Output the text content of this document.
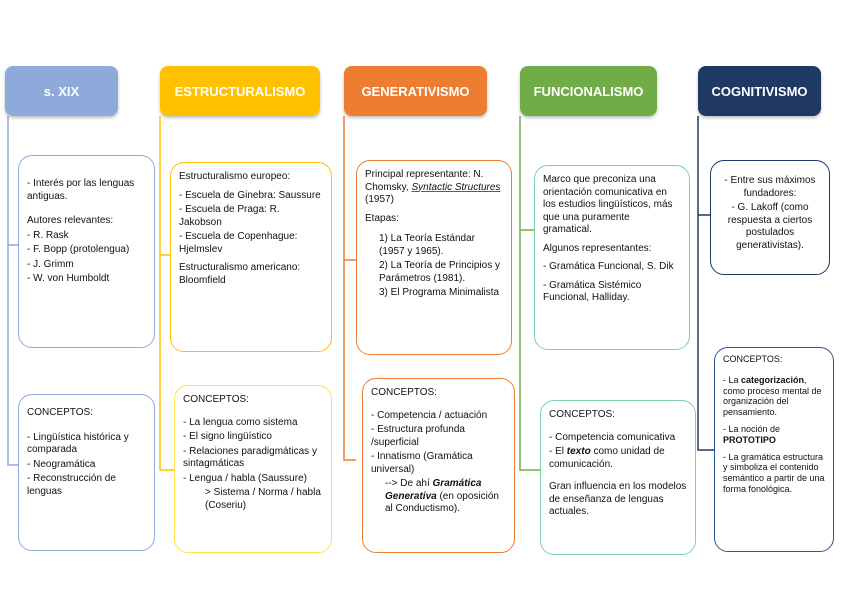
s. XIX	ESTRUCTURALISMO	GENERATIVISMO	FUNCIONALISMO	COGNITIVISMO

- Interés por las lenguas antiguas.

Autores relevantes:

- R. Rask

- F. Bopp (protolengua)

- J. Grimm

- W. von Humboldt

CONCEPTOS:

- Lingüística histórica y comparada

- Neogramática

- Reconstrucción de lenguas

Estructuralismo europeo:

- Escuela de Ginebra: Saussure

- Escuela de Praga: R. Jakobson

- Escuela de Copenhague: Hjelmslev

Estructuralismo americano: Bloomfield

CONCEPTOS:

- La lengua como sistema

- El signo lingüístico

- Relaciones paradigmáticas y sintagmáticas

- Lengua / habla (Saussure)

> Sistema / Norma / habla (Coseriu)

Principal representante: N. Chomsky, Syntactic Structures (1957)

Etapas:

1) La Teoría Estándar (1957 y 1965).

2) La Teoría de Principios y Parámetros (1981).

3) El Programa Minimalista

CONCEPTOS:

- Competencia / actuación

- Estructura profunda /superficial

- Innatismo (Gramática universal)

--> De ahí Gramática Generativa (en oposición al Conductismo).

Marco que preconiza una orientación comunicativa en los estudios lingüísticos, más que una puramente gramatical.

Algunos representantes:

- Gramática Funcional, S. Dik

- Gramática Sistémico Funcional, Halliday.

CONCEPTOS:

- Competencia comunicativa

- El texto como unidad de comunicación.

Gran influencia en los modelos de enseñanza de lenguas actuales.

- Entre sus máximos fundadores:

- G. Lakoff (como respuesta a ciertos postulados generativistas).

CONCEPTOS:

- La categorización, como proceso mental de organización del pensamiento.

- La noción de PROTOTIPO

- La gramática estructura y simboliza el contenido semántico a partir de una forma fonológica.
